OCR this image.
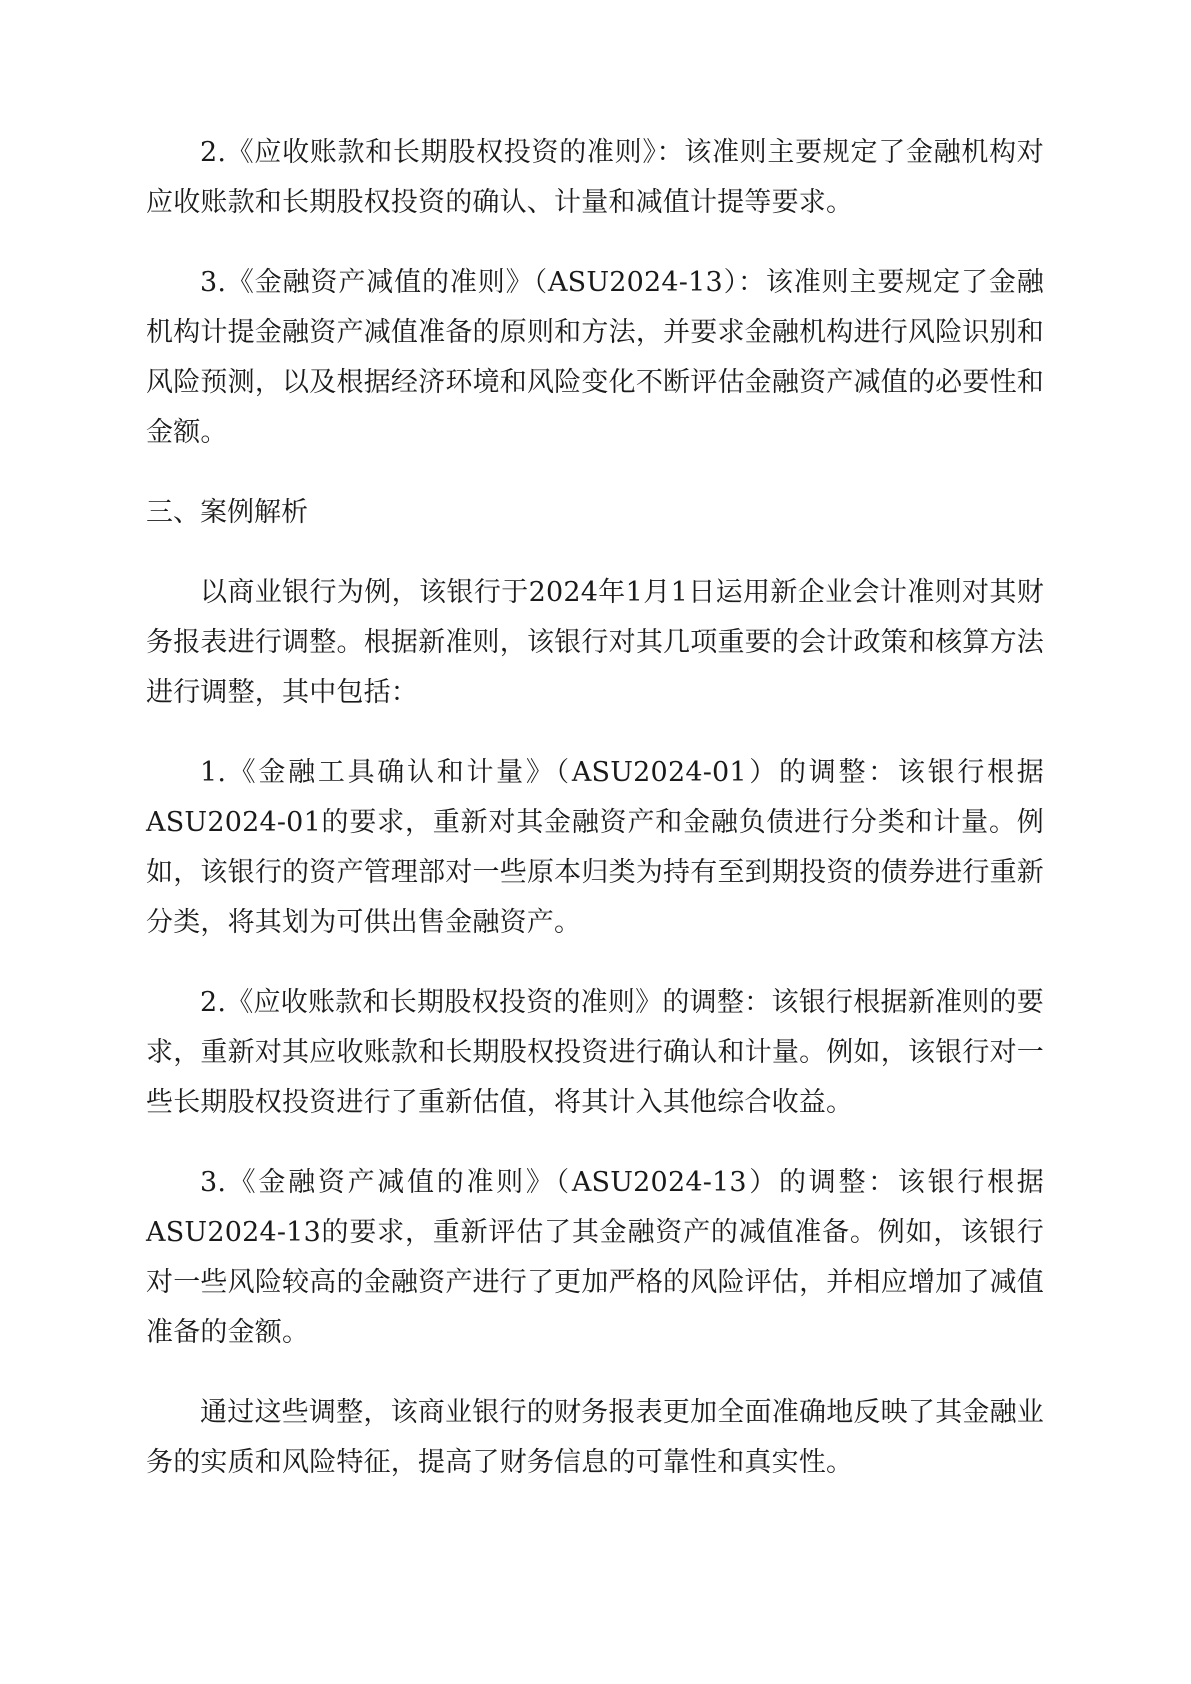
2.《应收账款和长期股权投资的准则》：该准则主要规定了金融机构对应收账款和长期股权投资的确认、计量和减值计提等要求。

3.《金融资产减值的准则》（ASU2024-13）：该准则主要规定了金融机构计提金融资产减值准备的原则和方法，并要求金融机构进行风险识别和风险预测，以及根据经济环境和风险变化不断评估金融资产减值的必要性和金额。

三、案例解析

以商业银行为例，该银行于2024年1月1日运用新企业会计准则对其财务报表进行调整。根据新准则，该银行对其几项重要的会计政策和核算方法进行调整，其中包括：

1.《金融工具确认和计量》（ASU2024-01）的调整：该银行根据ASU2024-01的要求，重新对其金融资产和金融负债进行分类和计量。例如，该银行的资产管理部对一些原本归类为持有至到期投资的债券进行重新分类，将其划为可供出售金融资产。

2.《应收账款和长期股权投资的准则》的调整：该银行根据新准则的要求，重新对其应收账款和长期股权投资进行确认和计量。例如，该银行对一些长期股权投资进行了重新估值，将其计入其他综合收益。

3.《金融资产减值的准则》（ASU2024-13）的调整：该银行根据ASU2024-13的要求，重新评估了其金融资产的减值准备。例如，该银行对一些风险较高的金融资产进行了更加严格的风险评估，并相应增加了减值准备的金额。

通过这些调整，该商业银行的财务报表更加全面准确地反映了其金融业务的实质和风险特征，提高了财务信息的可靠性和真实性。
